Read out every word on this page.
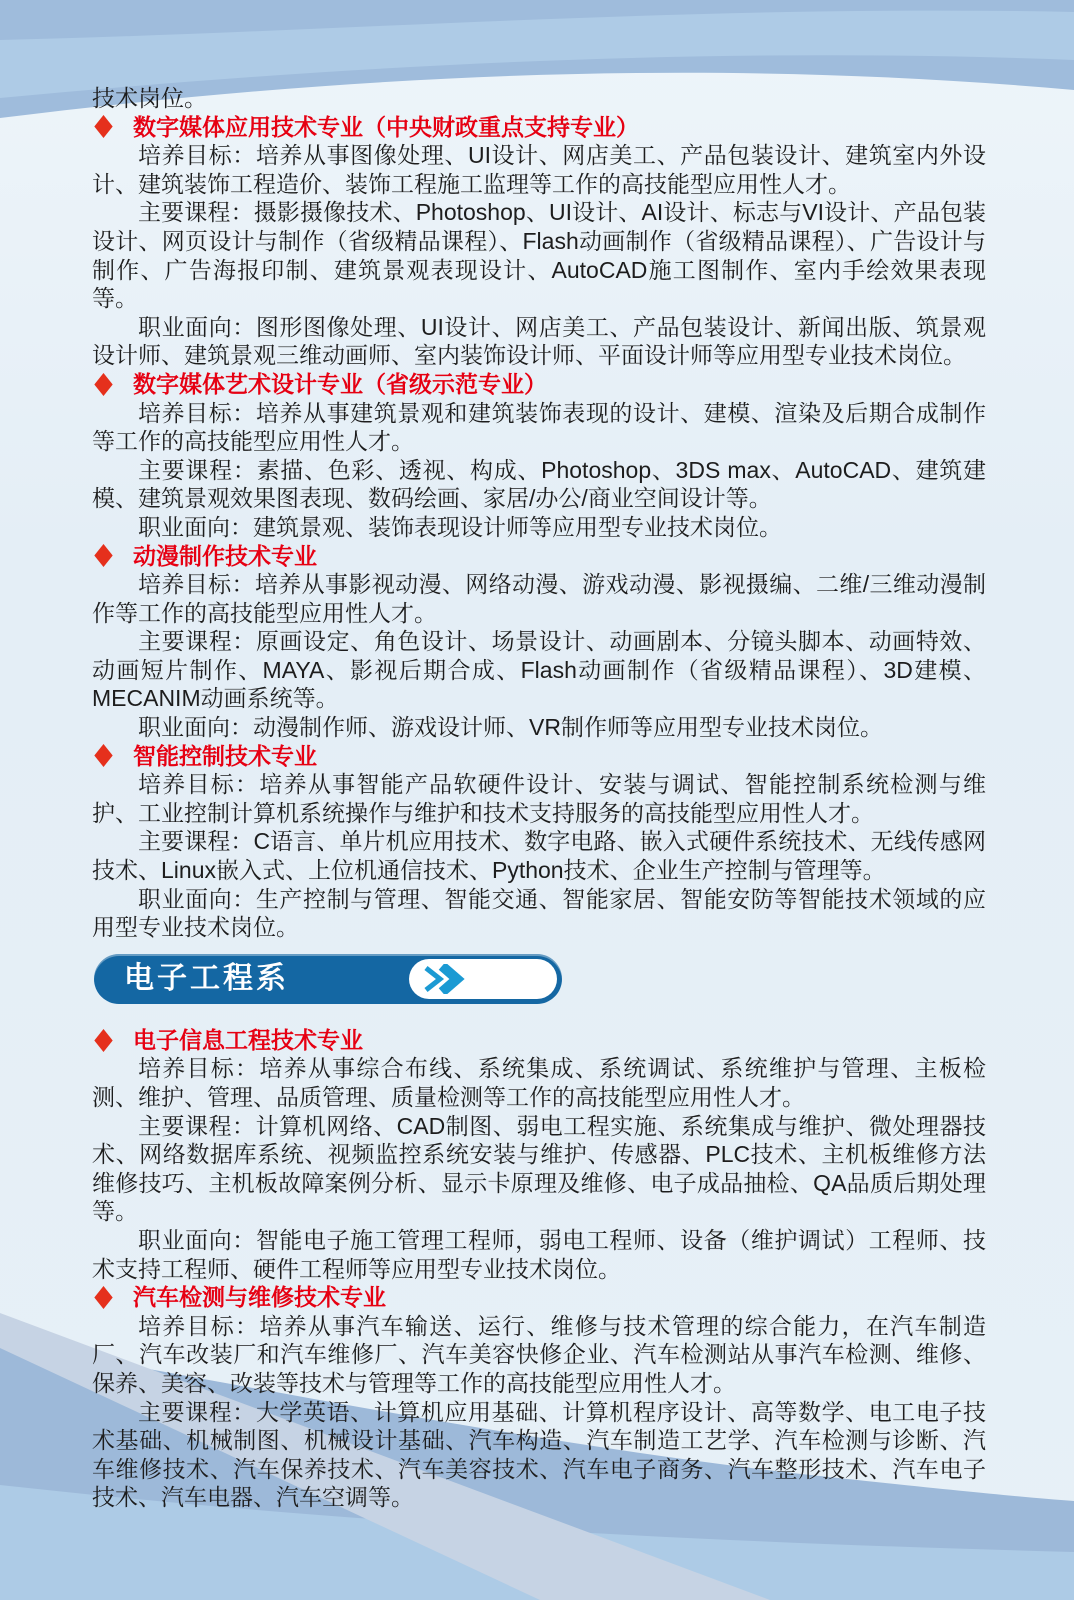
技术岗位。

数字媒体应用技术专业（中央财政重点支持专业）

培养目标：培养从事图像处理、UI设计、网店美工、产品包装设计、建筑室内外设计、建筑装饰工程造价、装饰工程施工监理等工作的高技能型应用性人才。

主要课程：摄影摄像技术、Photoshop、UI设计、AI设计、标志与VI设计、产品包装设计、网页设计与制作（省级精品课程）、Flash动画制作（省级精品课程）、广告设计与制作、广告海报印制、建筑景观表现设计、AutoCAD施工图制作、室内手绘效果表现等。

职业面向：图形图像处理、UI设计、网店美工、产品包装设计、新闻出版、筑景观设计师、建筑景观三维动画师、室内装饰设计师、平面设计师等应用型专业技术岗位。

数字媒体艺术设计专业（省级示范专业）

培养目标：培养从事建筑景观和建筑装饰表现的设计、建模、渲染及后期合成制作等工作的高技能型应用性人才。

主要课程：素描、色彩、透视、构成、Photoshop、3DS max、AutoCAD、建筑建模、建筑景观效果图表现、数码绘画、家居/办公/商业空间设计等。

职业面向：建筑景观、装饰表现设计师等应用型专业技术岗位。

动漫制作技术专业

培养目标：培养从事影视动漫、网络动漫、游戏动漫、影视摄编、二维/三维动漫制作等工作的高技能型应用性人才。

主要课程：原画设定、角色设计、场景设计、动画剧本、分镜头脚本、动画特效、动画短片制作、MAYA、影视后期合成、Flash动画制作（省级精品课程）、3D建模、MECANIM动画系统等。

职业面向：动漫制作师、游戏设计师、VR制作师等应用型专业技术岗位。

智能控制技术专业

培养目标：培养从事智能产品软硬件设计、安装与调试、智能控制系统检测与维护、工业控制计算机系统操作与维护和技术支持服务的高技能型应用性人才。

主要课程：C语言、单片机应用技术、数字电路、嵌入式硬件系统技术、无线传感网技术、Linux嵌入式、上位机通信技术、Python技术、企业生产控制与管理等。

职业面向：生产控制与管理、智能交通、智能家居、智能安防等智能技术领域的应用型专业技术岗位。

电子工程系
电子信息工程技术专业

培养目标：培养从事综合布线、系统集成、系统调试、系统维护与管理、主板检测、维护、管理、品质管理、质量检测等工作的高技能型应用性人才。

主要课程：计算机网络、CAD制图、弱电工程实施、系统集成与维护、微处理器技术、网络数据库系统、视频监控系统安装与维护、传感器、PLC技术、主机板维修方法维修技巧、主机板故障案例分析、显示卡原理及维修、电子成品抽检、QA品质后期处理等。

职业面向：智能电子施工管理工程师，弱电工程师、设备（维护调试）工程师、技术支持工程师、硬件工程师等应用型专业技术岗位。

汽车检测与维修技术专业

培养目标：培养从事汽车输送、运行、维修与技术管理的综合能力，在汽车制造厂、汽车改装厂和汽车维修厂、汽车美容快修企业、汽车检测站从事汽车检测、维修、保养、美容、改装等技术与管理等工作的高技能型应用性人才。

主要课程：大学英语、计算机应用基础、计算机程序设计、高等数学、电工电子技术基础、机械制图、机械设计基础、汽车构造、汽车制造工艺学、汽车检测与诊断、汽车维修技术、汽车保养技术、汽车美容技术、汽车电子商务、汽车整形技术、汽车电子技术、汽车电器、汽车空调等。
